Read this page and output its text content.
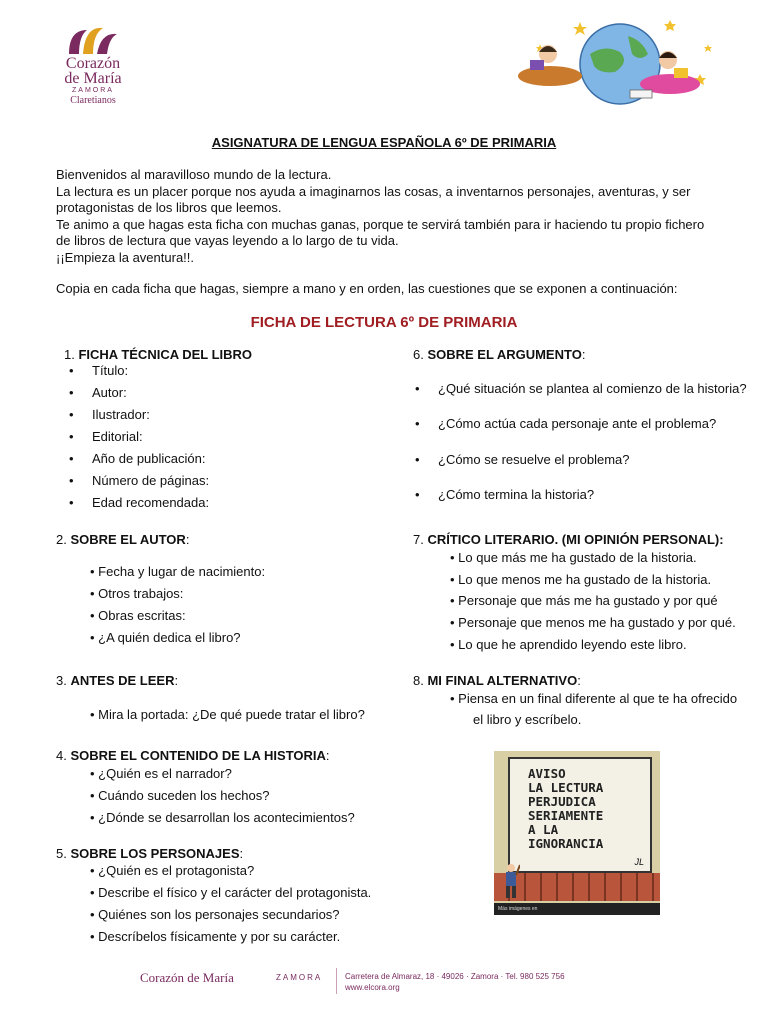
Corazón
de María
ZAMORA
Claretianos
ASIGNATURA DE LENGUA ESPAÑOLA 6º DE PRIMARIA

Bienvenidos al maravilloso mundo de la lectura.

La lectura es un placer porque nos ayuda a imaginarnos las cosas, a inventarnos personajes, aventuras, y ser protagonistas de los libros que leemos.

Te animo a que hagas esta ficha con muchas ganas, porque te servirá también para ir haciendo tu propio fichero de libros de lectura que vayas leyendo a lo largo de tu vida.

¡¡Empieza la aventura!!.

Copia en cada ficha que hagas, siempre a mano y en orden, las cuestiones que se exponen a continuación:
FICHA DE LECTURA 6º DE PRIMARIA
1. FICHA TÉCNICA DEL LIBRO
• Título:
• Autor:
• Ilustrador:
• Editorial:
• Año de publicación:
• Número de páginas:
• Edad recomendada:
2. SOBRE EL AUTOR:
• Fecha y lugar de nacimiento:
• Otros trabajos:
• Obras escritas:
• ¿A quién dedica el libro?
3. ANTES DE LEER:
• Mira la portada: ¿De qué puede tratar el libro?
4. SOBRE EL CONTENIDO DE LA HISTORIA:
• ¿Quién es el narrador?
• Cuándo suceden los hechos?
• ¿Dónde se desarrollan los acontecimientos?
5. SOBRE LOS PERSONAJES:
• ¿Quién es el protagonista?
• Describe el físico y el carácter del protagonista.
• Quiénes son los personajes secundarios?
• Descríbelos físicamente y por su carácter.
6. SOBRE EL ARGUMENTO:
• ¿Qué situación se plantea al comienzo de la historia?
• ¿Cómo actúa cada personaje ante el problema?
• ¿Cómo se resuelve el problema?
• ¿Cómo termina la historia?
7. CRÍTICO LITERARIO. (MI OPINIÓN PERSONAL):
• Lo que más me ha gustado de la historia.
• Lo que menos me ha gustado de la historia.
• Personaje que más me ha gustado y por qué
• Personaje que menos me ha gustado y por qué.
• Lo que he aprendido leyendo este libro.
8. MI FINAL ALTERNATIVO:
• Piensa en un final diferente al que te ha ofrecido
el libro y escríbelo.
AVISO
LA LECTURA
PERJUDICA
SERIAMENTE
A LA
IGNORANCIA
JL
Más imágenes en
Corazón de María	ZAMORA	Carretera de Almaraz, 18 · 49026 · Zamora · Tel. 980 525 756
www.elcora.org
